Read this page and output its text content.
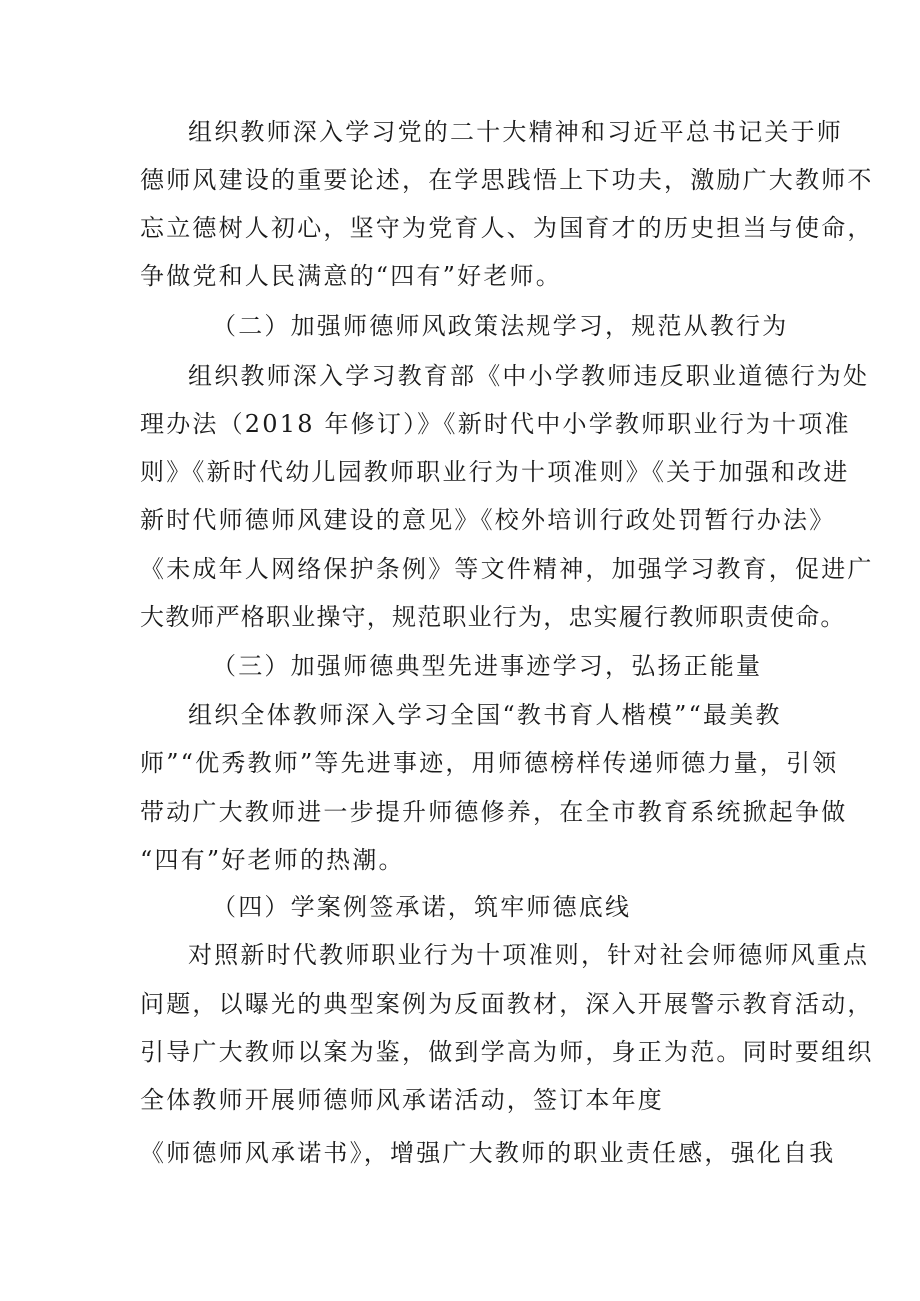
组织教师深入学习党的二十大精神和习近平总书记关于师
德师风建设的重要论述，在学思践悟上下功夫，激励广大教师不
忘立德树人初心，坚守为党育人、为国育才的历史担当与使命，
争做党和人民满意的“四有”好老师。
（二）加强师德师风政策法规学习，规范从教行为
组织教师深入学习教育部《中小学教师违反职业道德行为处
理办法（2018 年修订）》《新时代中小学教师职业行为十项准
则》《新时代幼儿园教师职业行为十项准则》《关于加强和改进
新时代师德师风建设的意见》《校外培训行政处罚暂行办法》
《未成年人网络保护条例》等文件精神，加强学习教育，促进广
大教师严格职业操守，规范职业行为，忠实履行教师职责使命。
（三）加强师德典型先进事迹学习，弘扬正能量
组织全体教师深入学习全国“教书育人楷模”“最美教
师”“优秀教师”等先进事迹，用师德榜样传递师德力量，引领
带动广大教师进一步提升师德修养，在全市教育系统掀起争做
“四有”好老师的热潮。
（四）学案例签承诺，筑牢师德底线
对照新时代教师职业行为十项准则，针对社会师德师风重点
问题，以曝光的典型案例为反面教材，深入开展警示教育活动，
引导广大教师以案为鉴，做到学高为师，身正为范。同时要组织
全体教师开展师德师风承诺活动，签订本年度
《师德师风承诺书》，增强广大教师的职业责任感，强化自我
